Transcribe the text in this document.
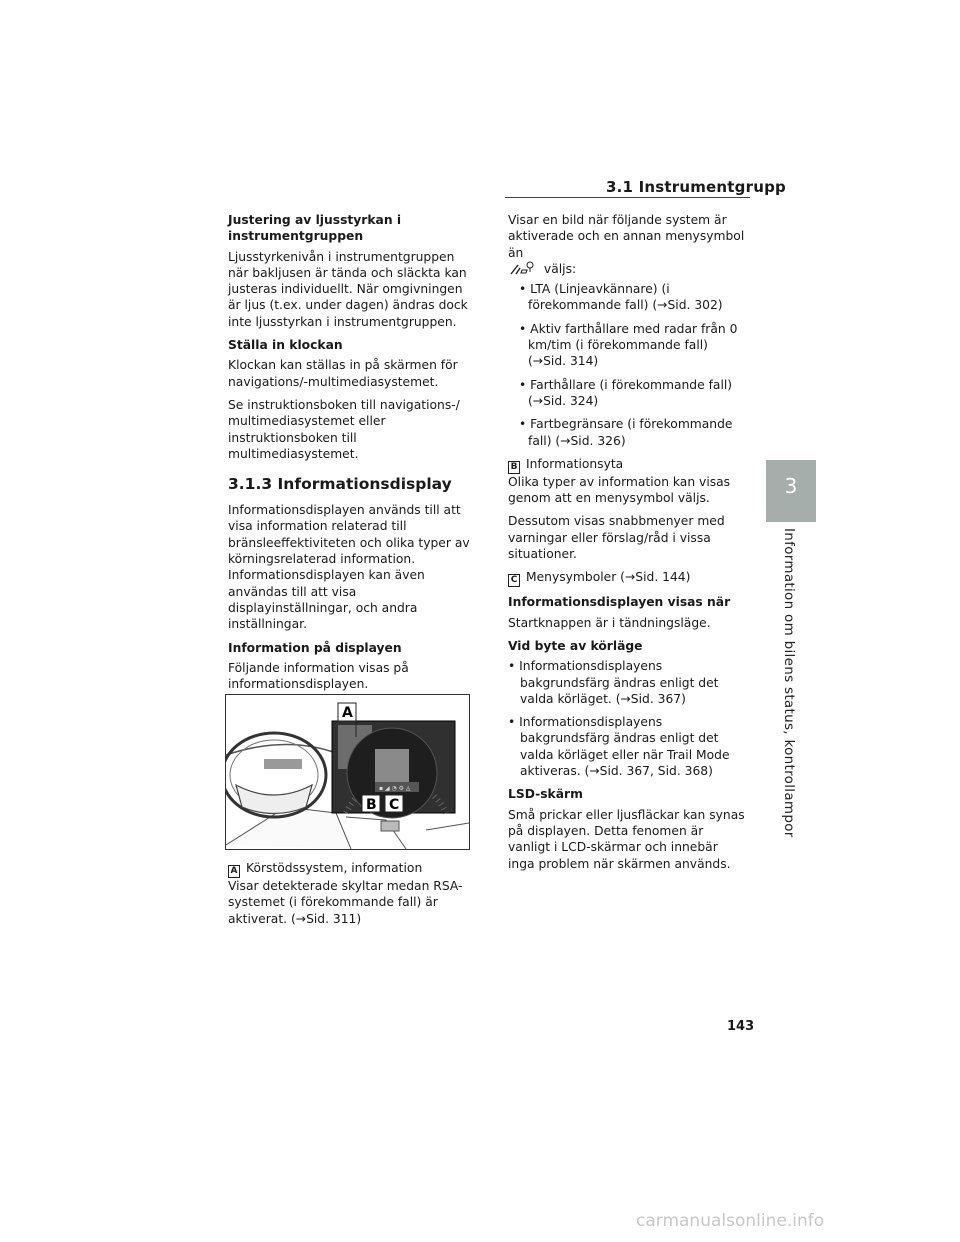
3.1 Instrumentgrupp

Justering av ljusstyrkan i instrumentgruppen

Ljusstyrkenivån i instrumentgruppen när bakljusen är tända och släckta kan justeras individuellt. När omgivningen är ljus (t.ex. under dagen) ändras dock inte ljusstyrkan i instrumentgruppen.

Ställa in klockan

Klockan kan ställas in på skärmen för navigations/-multimediasystemet.

Se instruktionsboken till navigations-/ multimediasystemet eller instruktionsboken till multimediasystemet.

3.1.3 Informationsdisplay

Informationsdisplayen används till att visa information relaterad till bränsleeffektiviteten och olika typer av körningsrelaterad information. Informationsdisplayen kan även användas till att visa displayinställningar, och andra inställningar.

Information på displayen

Följande information visas på informationsdisplayen.

▪ ◢ ◔ ⚙ ◬
A
B C

A Körstödssystem, information

Visar detekterade skyltar medan RSA-systemet (i förekommande fall) är aktiverat. (→Sid. 311)

Visar en bild när följande system är aktiverade och en annan menysymbol än
väljs:

• LTA (Linjeavkännare) (i förekommande fall) (→Sid. 302)

• Aktiv farthållare med radar från 0 km/tim (i förekommande fall) (→Sid. 314)

• Farthållare (i förekommande fall) (→Sid. 324)

• Fartbegränsare (i förekommande fall) (→Sid. 326)

B Informationsyta

Olika typer av information kan visas genom att en menysymbol väljs.

Dessutom visas snabbmenyer med varningar eller förslag/råd i vissa situationer.

C Menysymboler (→Sid. 144)

Informationsdisplayen visas när

Startknappen är i tändningsläge.

Vid byte av körläge

• Informationsdisplayens bakgrundsfärg ändras enligt det valda körläget. (→Sid. 367)

• Informationsdisplayens bakgrundsfärg ändras enligt det valda körläget eller när Trail Mode aktiveras. (→Sid. 367, Sid. 368)

LSD-skärm

Små prickar eller ljusfläckar kan synas på displayen. Detta fenomen är vanligt i LCD-skärmar och innebär inga problem när skärmen används.

3
Information om bilens status, kontrollampor
143
carmanualsonline.info
